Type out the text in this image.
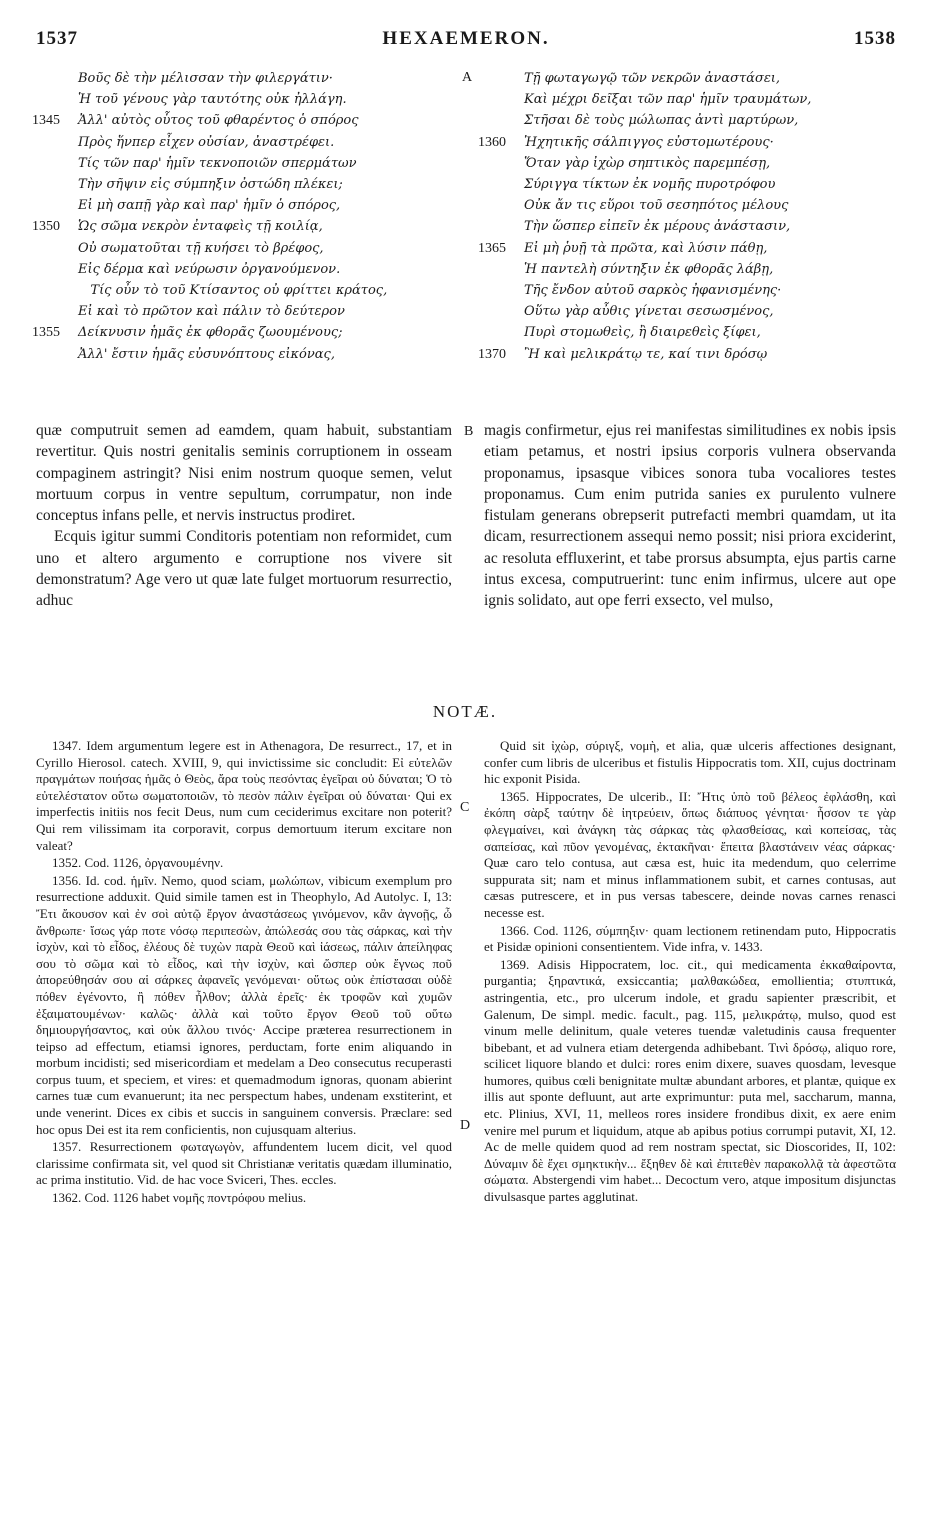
HEXAEMERON.
1537	1538
A
B
C
D
Βοῦς δὲ τὴν μέλισσαν τὴν φιλεργάτιν·
Ἡ τοῦ γένους γὰρ ταυτότης οὐκ ἠλλάγη.
1345 Ἀλλ' αὐτὸς οὗτος τοῦ φθαρέντος ὁ σπόρος
Πρὸς ἥνπερ εἶχεν οὐσίαν, ἀναστρέφει.
Τίς τῶν παρ' ἡμῖν τεκνοποιῶν σπερμάτων
Τὴν σῆψιν εἰς σύμπηξιν ὀστώδη πλέκει;
Εἰ μὴ σαπῇ γὰρ καὶ παρ' ἡμῖν ὁ σπόρος,
1350 Ὡς σῶμα νεκρὸν ἐνταφεὶς τῇ κοιλίᾳ,
Οὐ σωματοῦται τῇ κυήσει τὸ βρέφος,
Εἰς δέρμα καὶ νεύρωσιν ὀργανούμενον.
Τίς οὖν τὸ τοῦ Κτίσαντος οὐ φρίττει κράτος,
Εἰ καὶ τὸ πρῶτον καὶ πάλιν τὸ δεύτερον
1355 Δείκνυσιν ἡμᾶς ἐκ φθορᾶς ζωουμένους;
Ἀλλ' ἔστιν ἡμᾶς εὐσυνόπτους εἰκόνας,
Τῇ φωταγωγῷ τῶν νεκρῶν ἀναστάσει,
Καὶ μέχρι δεῖξαι τῶν παρ' ἡμῖν τραυμάτων,
Στῆσαι δὲ τοὺς μώλωπας ἀντὶ μαρτύρων,
1360 Ἠχητικῆς σάλπιγγος εὐστομωτέρους·
Ὅταν γὰρ ἰχὼρ σηπτικὸς παρεμπέσῃ,
Σύριγγα τίκτων ἐκ νομῆς πυροτρόφου
Οὐκ ἄν τις εὕροι τοῦ σεσηπότος μέλους
Τὴν ὥσπερ εἰπεῖν ἐκ μέρους ἀνάστασιν,
1365 Εἰ μὴ ῥυῇ τὰ πρῶτα, καὶ λύσιν πάθῃ,
Ἡ παντελὴ σύντηξιν ἐκ φθορᾶς λάβῃ,
Τῆς ἔνδον αὐτοῦ σαρκὸς ἠφανισμένης·
Οὕτω γὰρ αὖθις γίνεται σεσωσμένος,
Πυρὶ στομωθεὶς, ἢ διαιρεθεὶς ξίφει,
1370 Ἢ καὶ μελικράτῳ τε, καί τινι δρόσῳ

quæ computruit semen ad eamdem, quam habuit, substantiam revertitur. Quis nostri genitalis seminis corruptionem in osseam compaginem astringit? Nisi enim nostrum quoque semen, velut mortuum corpus in ventre sepultum, corrumpatur, non inde conceptus infans pelle, et nervis instructus prodiret.

Ecquis igitur summi Conditoris potentiam non reformidet, cum uno et altero argumento e corruptione nos vivere sit demonstratum? Age vero ut quæ late fulget mortuorum resurrectio, adhuc

magis confirmetur, ejus rei manifestas similitudines ex nobis ipsis etiam petamus, et nostri ipsius corporis vulnera observanda proponamus, ipsasque vibices sonora tuba vocaliores testes proponamus. Cum enim putrida sanies ex purulento vulnere fistulam generans obrepserit putrefacti membri quamdam, ut ita dicam, resurrectionem assequi nemo possit; nisi priora exciderint, ac resoluta effluxerint, et tabe prorsus absumpta, ejus partis carne intus excesa, computruerint: tunc enim infirmus, ulcere aut ope ignis solidato, aut ope ferri exsecto, vel mulso,

NOTÆ.

1347. Idem argumentum legere est in Athenagora, De resurrect., 17, et in Cyrillo Hierosol. catech. XVIII, 9, qui invictissime sic concludit: Εἰ εὐτελῶν πραγμάτων ποιήσας ἡμᾶς ὁ Θεὸς, ἄρα τοὺς πεσόντας ἐγεῖραι οὐ δύναται; Ὁ τὸ εὐτελέστατον οὕτω σωματοποιῶν, τὸ πεσὸν πάλιν ἐγεῖραι οὐ δύναται· Qui ex imperfectis initiis nos fecit Deus, num cum ceciderimus excitare non poterit? Qui rem vilissimam ita corporavit, corpus demortuum iterum excitare non valeat?

1352. Cod. 1126, ὀργανουμένην.

1356. Id. cod. ἡμῖν. Nemo, quod sciam, μωλώπων, vibicum exemplum pro resurrectione adduxit. Quid simile tamen est in Theophylo, Ad Autolyc. I, 13: Ἔτι ἄκουσον καὶ ἐν σοὶ αὐτῷ ἔργον ἀναστάσεως γινόμενον, κἂν ἀγνοῇς, ὦ ἄνθρωπε· ἴσως γάρ ποτε νόσῳ περιπεσὼν, ἀπώλεσάς σου τὰς σάρκας, καὶ τὴν ἰσχὺν, καὶ τὸ εἶδος, ἐλέους δὲ τυχὼν παρὰ Θεοῦ καὶ ἰάσεως, πάλιν ἀπείληφας σου τὸ σῶμα καὶ τὸ εἶδος, καὶ τὴν ἰσχὺν, καὶ ὥσπερ οὐκ ἔγνως ποῦ ἀπορεύθησάν σου αἱ σάρκες ἀφανεῖς γενόμεναι· οὕτως οὐκ ἐπίστασαι οὐδὲ πόθεν ἐγένοντο, ἢ πόθεν ἦλθον; ἀλλὰ ἐρεῖς· ἐκ τροφῶν καὶ χυμῶν ἐξαιματουμένων· καλῶς· ἀλλὰ καὶ τοῦτο ἔργον Θεοῦ τοῦ οὕτω δημιουργήσαντος, καὶ οὐκ ἄλλου τινός· Accipe præterea resurrectionem in teipso ad effectum, etiamsi ignores, perductam, forte enim aliquando in morbum incidisti; sed misericordiam et medelam a Deo consecutus recuperasti corpus tuum, et speciem, et vires: et quemadmodum ignoras, quonam abierint carnes tuæ cum evanuerunt; ita nec perspectum habes, undenam exstiterint, et unde venerint. Dices ex cibis et succis in sanguinem conversis. Præclare: sed hoc opus Dei est ita rem conficientis, non cujusquam alterius.

1357. Resurrectionem φωταγωγὸν, affundentem lucem dicit, vel quod clarissime confirmata sit, vel quod sit Christianæ veritatis quædam illuminatio, ac prima institutio. Vid. de hac voce Sviceri, Thes. eccles.

1362. Cod. 1126 habet νομῆς ποντρόφου melius.

Quid sit ἰχὼρ, σύριγξ, νομὴ, et alia, quæ ulceris affectiones designant, confer cum libris de ulceribus et fistulis Hippocratis tom. XII, cujus doctrinam hic exponit Pisida.

1365. Hippocrates, De ulcerib., II: Ἤτις ὑπὸ τοῦ βέλεος ἐφλάσθη, καὶ ἐκόπη σὰρξ ταύτην δὲ ἰητρεύειν, ὅπως διάπυος γένηται· ἧσσον τε γὰρ φλεγμαίνει, καὶ ἀνάγκη τὰς σάρκας τὰς φλασθείσας, καὶ κοπείσας, τὰς σαπείσας, καὶ πῦον γενομένας, ἐκτακῆναι· ἔπειτα βλαστάνειν νέας σάρκας· Quæ caro telo contusa, aut cæsa est, huic ita medendum, quo celerrime suppurata sit; nam et minus inflammationem subit, et carnes contusas, aut cæsas putrescere, et in pus versas tabescere, deinde novas carnes renasci necesse est.

1366. Cod. 1126, σύμπηξιν· quam lectionem retinendam puto, Hippocratis et Pisidæ opinioni consentientem. Vide infra, v. 1433.

1369. Adisis Hippocratem, loc. cit., qui medicamenta ἐκκαθαίροντα, purgantia; ξηραντικά, exsiccantia; μαλθακώδεα, emollientia; στυπτικά, astringentia, etc., pro ulcerum indole, et gradu sapienter præscribit, et Galenum, De simpl. medic. facult., pag. 115, μελικράτῳ, mulso, quod est vinum melle delinitum, quale veteres tuendæ valetudinis causa frequenter bibebant, et ad vulnera etiam detergenda adhibebant. Τινὶ δρόσῳ, aliquo rore, scilicet liquore blando et dulci: rores enim dixere, suaves quosdam, levesque humores, quibus cœli benignitate multæ abundant arbores, et plantæ, quique ex illis aut sponte defluunt, aut arte exprimuntur: puta mel, saccharum, manna, etc. Plinius, XVI, 11, melleos rores insidere frondibus dixit, ex aere enim venire mel purum et liquidum, atque ab apibus potius corrumpi putavit, XI, 12. Ac de melle quidem quod ad rem nostram spectat, sic Dioscorides, II, 102: Δύναμιν δὲ ἔχει σμηκτικὴν... ἔξηθεν δὲ καὶ ἐπιτεθὲν παρακολλᾷ τὰ ἀφεστῶτα σώματα. Abstergendi vim habet... Decoctum vero, atque impositum disjunctas divulsasque partes agglutinat.
